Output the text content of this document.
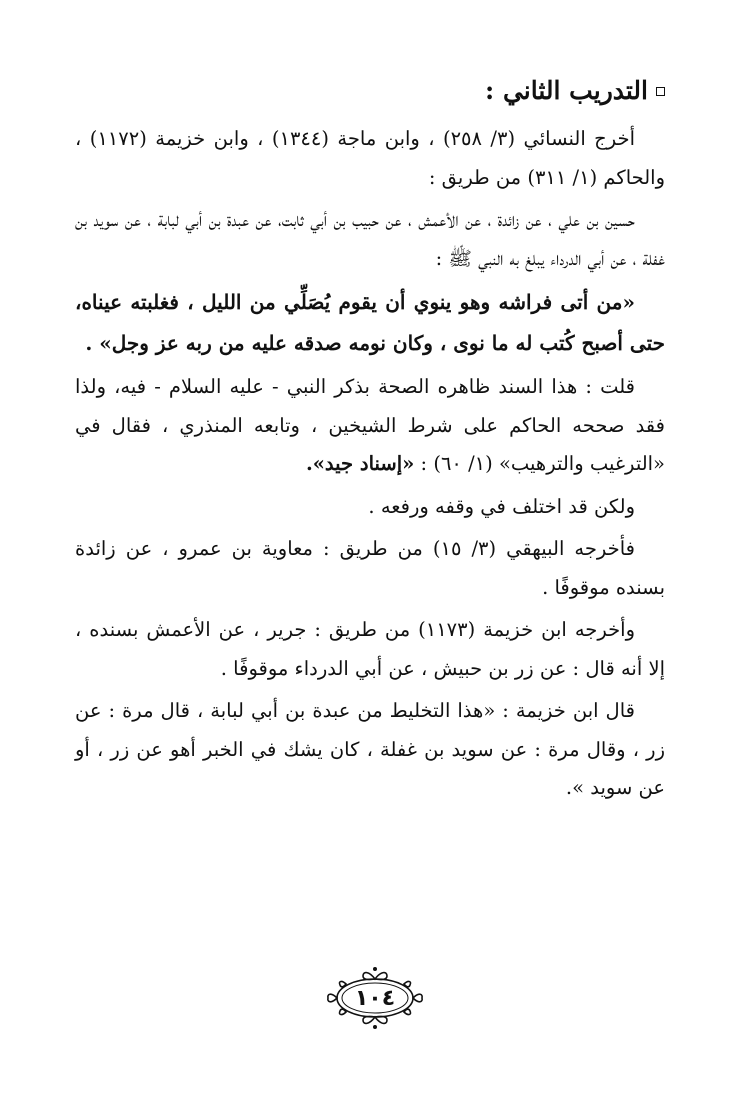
التدريب الثاني :

أخرج النسائي (٣/ ٢٥٨) ، وابن ماجة (١٣٤٤) ، وابن خزيمة (١١٧٢) ، والحاكم (١/ ٣١١) من طريق :

حسين بن علي ، عن زائدة ، عن الأعمش ، عن حبيب بن أبي ثابت، عن عبدة بن أبي لبابة ، عن سويد بن غفلة ، عن أبي الدرداء يبلغ به النبي ﷺ :

«من أتى فراشه وهو ينوي أن يقوم يُصَلِّي من الليل ، فغلبته عيناه، حتى أصبح كُتب له ما نوى ، وكان نومه صدقه عليه من ربه عز وجل» .

قلت : هذا السند ظاهره الصحة بذكر النبي - عليه السلام - فيه، ولذا فقد صححه الحاكم على شرط الشيخين ، وتابعه المنذري ، فقال في «الترغيب والترهيب» (١/ ٦٠) : «إسناد جيد».

ولكن قد اختلف في وقفه ورفعه .

فأخرجه البيهقي (٣/ ١٥) من طريق : معاوية بن عمرو ، عن زائدة بسنده موقوفًا .

وأخرجه ابن خزيمة (١١٧٣) من طريق : جرير ، عن الأعمش بسنده ، إلا أنه قال : عن زر بن حبيش ، عن أبي الدرداء موقوفًا .

قال ابن خزيمة : «هذا التخليط من عبدة بن أبي لبابة ، قال مرة : عن زر ، وقال مرة : عن سويد بن غفلة ، كان يشك في الخبر أهو عن زر ، أو عن سويد ».

١٠٤
